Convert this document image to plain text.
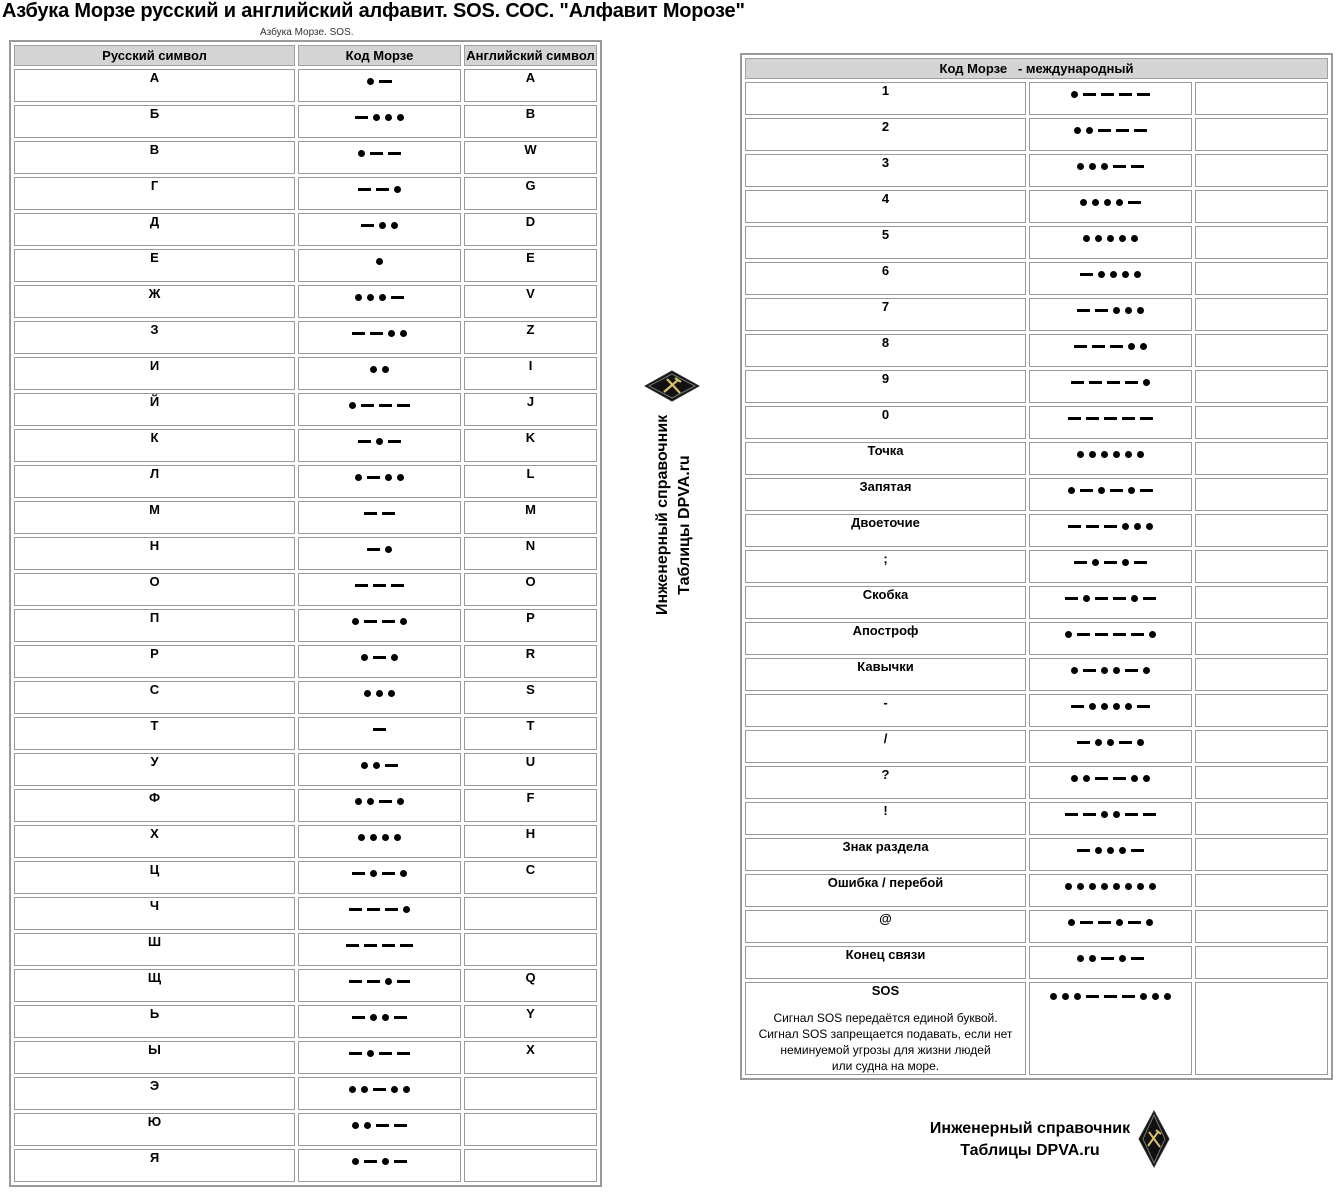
Азбука Морзе русский и английский алфавит. SOS. СОС. "Алфавит Морозе"
Азбука Морзе. SOS.
Русский символ	Код Морзе	Английский символ
А		A
Б		B
В		W
Г		G
Д		D
Е		E
Ж		V
З		Z
И		I
Й		J
К		K
Л		L
М		M
Н		N
О		O
П		P
Р		R
С		S
Т		T
У		U
Ф		F
Х		H
Ц		C
Ч	

Ш	

Щ		Q
Ь		Y
Ы		X
Э	

Ю	

Я	

Инженерный справочник Таблицы DPVA.ru
Код Морзе   - международный		
1	

2	

3	

4	

5	

6	

7	

8	

9	

0	

Точка	

Запятая	

Двоеточие	

;	

Скобка	

Апостроф	

Кавычки	

-	

/	

?	

!	

Знак раздела	

Ошибка / перебой	

@	

Конец связи	

SOS
Сигнал SOS передаётся единой буквой.
Сигнал SOS запрещается подавать, если нет
неминуемой угрозы для жизни людей
или судна на море.		

Инженерный справочник
Таблицы DPVA.ru
